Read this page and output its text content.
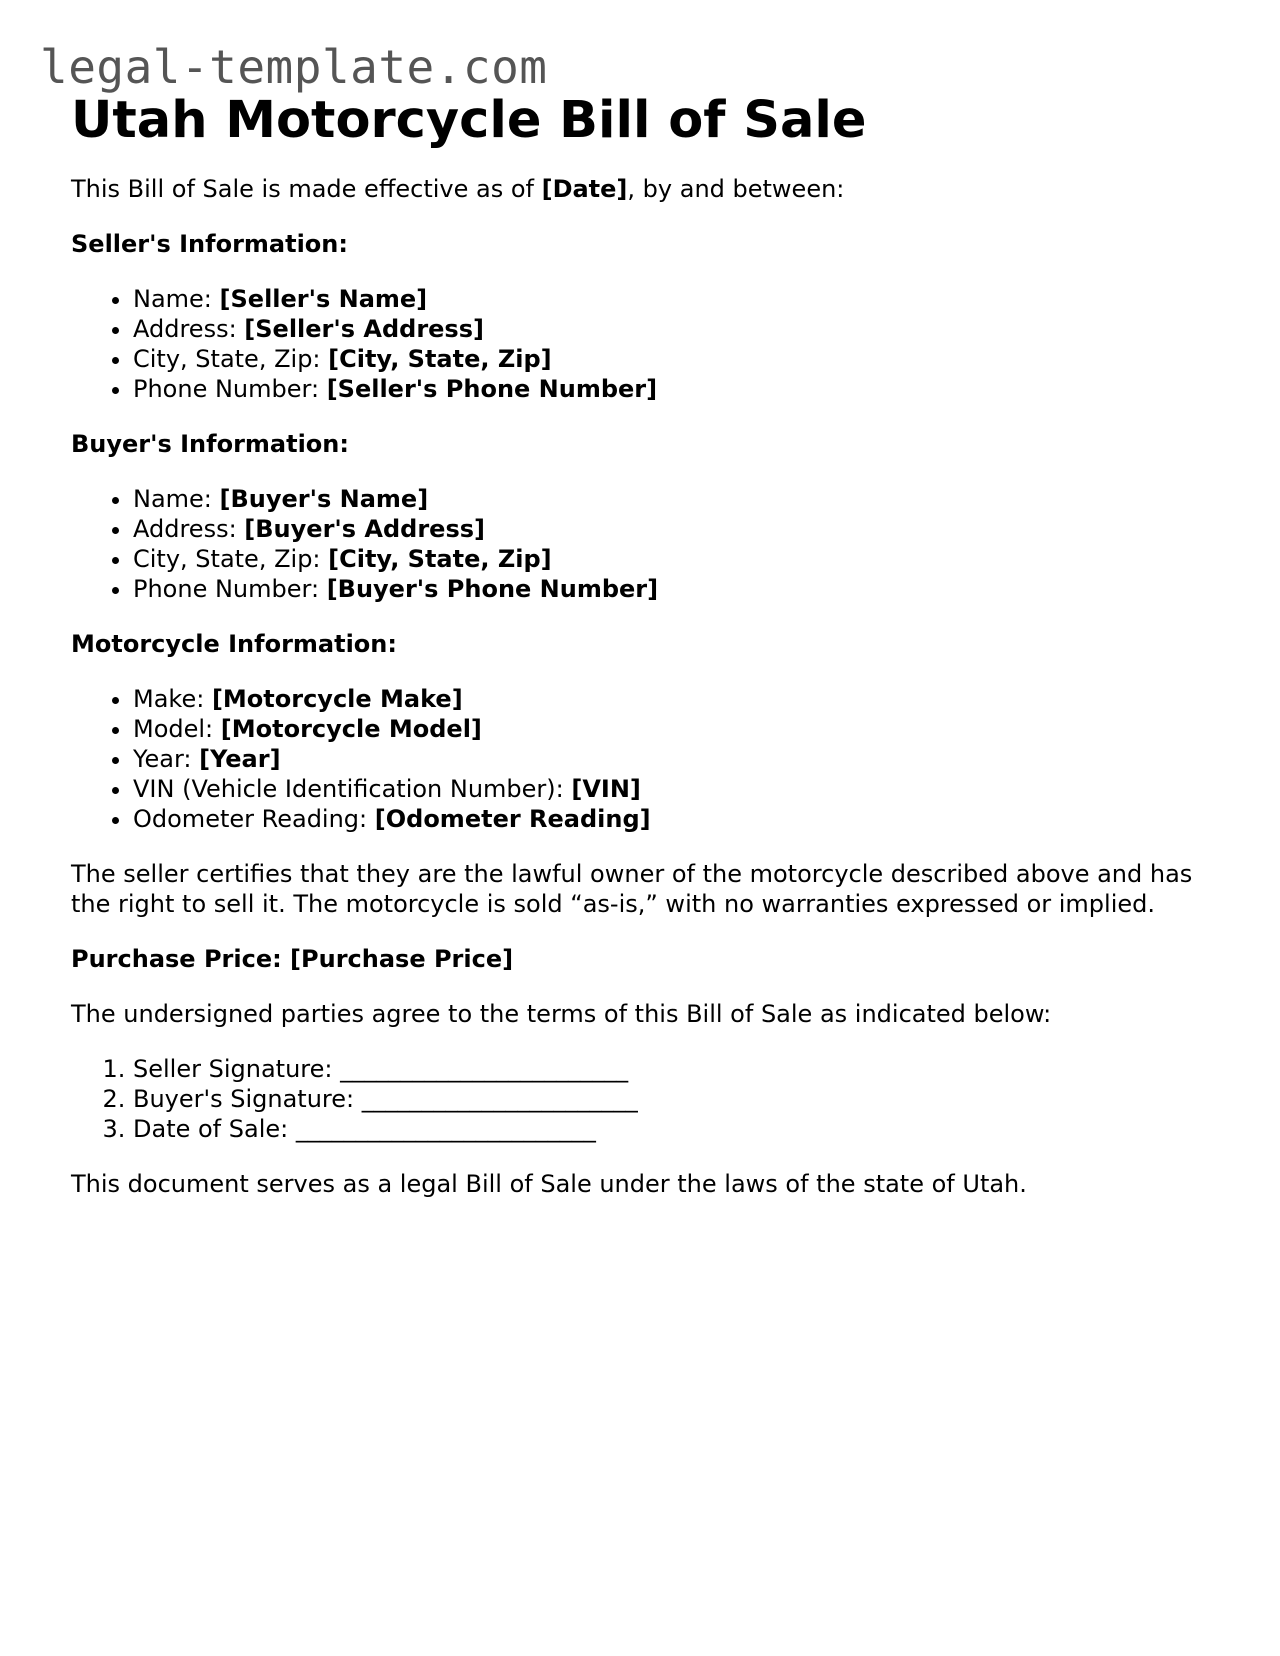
legal-template.com
Utah Motorcycle Bill of Sale

This Bill of Sale is made effective as of [Date], by and between:

Seller's Information:

• Name: [Seller's Name]
• Address: [Seller's Address]
• City, State, Zip: [City, State, Zip]
• Phone Number: [Seller's Phone Number]

Buyer's Information:

• Name: [Buyer's Name]
• Address: [Buyer's Address]
• City, State, Zip: [City, State, Zip]
• Phone Number: [Buyer's Phone Number]

Motorcycle Information:

• Make: [Motorcycle Make]
• Model: [Motorcycle Model]
• Year: [Year]
• VIN (Vehicle Identification Number): [VIN]
• Odometer Reading: [Odometer Reading]

The seller certifies that they are the lawful owner of the motorcycle described above and has the right to sell it. The motorcycle is sold “as-is,” with no warranties expressed or implied.

Purchase Price: [Purchase Price]

The undersigned parties agree to the terms of this Bill of Sale as indicated below:

1. Seller Signature: ________________________
2. Buyer's Signature: _______________________
3. Date of Sale: _________________________

This document serves as a legal Bill of Sale under the laws of the state of Utah.
